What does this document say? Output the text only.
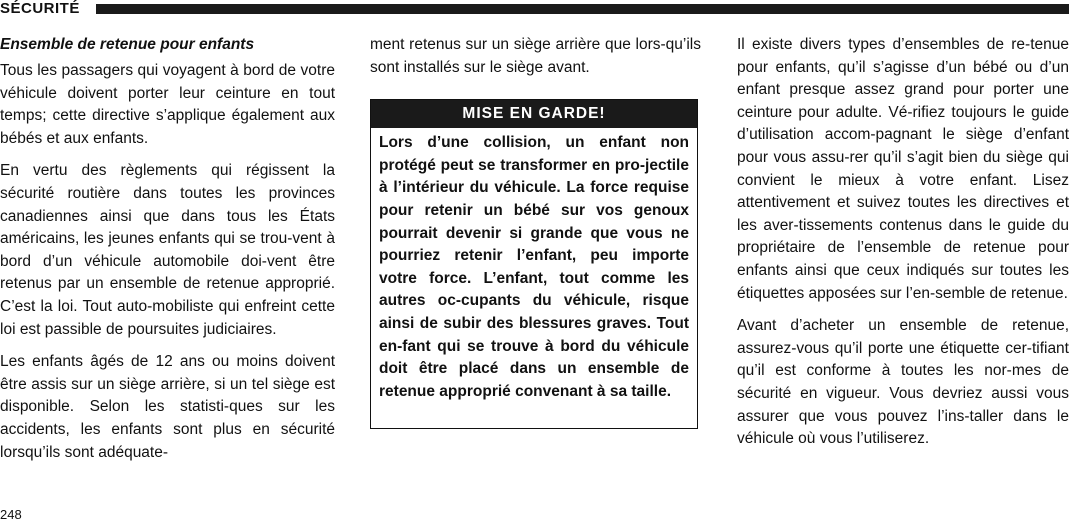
SÉCURITÉ
Ensemble de retenue pour enfants

Tous les passagers qui voyagent à bord de votre véhicule doivent porter leur ceinture en tout temps; cette directive s’applique également aux bébés et aux enfants.

En vertu des règlements qui régissent la sécurité routière dans toutes les provinces canadiennes ainsi que dans tous les États américains, les jeunes enfants qui se trou-vent à bord d’un véhicule automobile doi-vent être retenus par un ensemble de retenue approprié. C’est la loi. Tout auto-mobiliste qui enfreint cette loi est passible de poursuites judiciaires.

Les enfants âgés de 12 ans ou moins doivent être assis sur un siège arrière, si un tel siège est disponible. Selon les statisti-ques sur les accidents, les enfants sont plus en sécurité lorsqu’ils sont adéquate-

ment retenus sur un siège arrière que lors-qu’ils sont installés sur le siège avant.

MISE EN GARDE!

Lors d’une collision, un enfant non protégé peut se transformer en pro-jectile à l’intérieur du véhicule. La force requise pour retenir un bébé sur vos genoux pourrait devenir si grande que vous ne pourriez retenir l’enfant, peu importe votre force. L’enfant, tout comme les autres oc-cupants du véhicule, risque ainsi de subir des blessures graves. Tout en-fant qui se trouve à bord du véhicule doit être placé dans un ensemble de retenue approprié convenant à sa taille.

Il existe divers types d’ensembles de re-tenue pour enfants, qu’il s’agisse d’un bébé ou d’un enfant presque assez grand pour porter une ceinture pour adulte. Vé-rifiez toujours le guide d’utilisation accom-pagnant le siège d’enfant pour vous assu-rer qu’il s’agit bien du siège qui convient le mieux à votre enfant. Lisez attentivement et suivez toutes les directives et les aver-tissements contenus dans le guide du propriétaire de l’ensemble de retenue pour enfants ainsi que ceux indiqués sur toutes les étiquettes apposées sur l’en-semble de retenue.

Avant d’acheter un ensemble de retenue, assurez-vous qu’il porte une étiquette cer-tifiant qu’il est conforme à toutes les nor-mes de sécurité en vigueur. Vous devriez aussi vous assurer que vous pouvez l’ins-taller dans le véhicule où vous l’utiliserez.

248
